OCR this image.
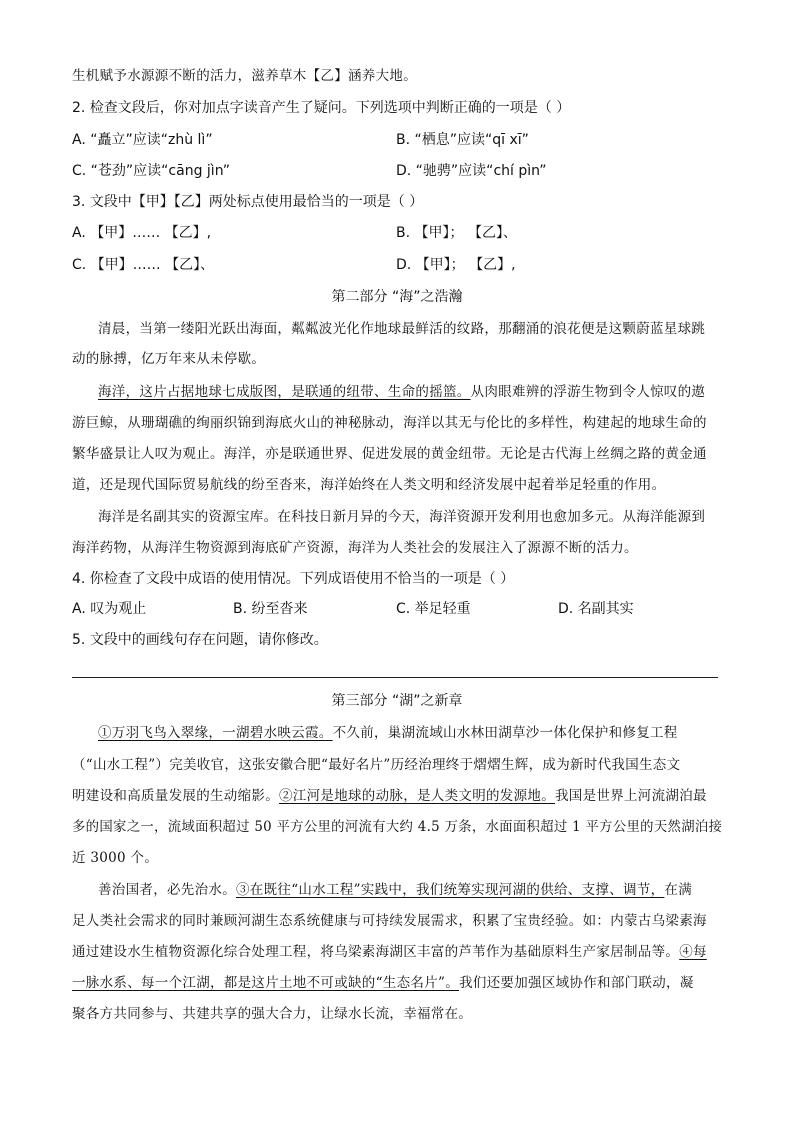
生机赋予水源源不断的活力，滋养草木【乙】涵养大地。
2. 检查文段后，你对加点字读音产生了疑问。下列选项中判断正确的一项是（ ）
A. “矗立”应读“zhù lì”	B. “栖息”应读“qī xī”
C. “苍劲”应读“cāng jìn”	D. “驰骋”应读“chí pìn”
3. 文段中【甲】【乙】两处标点使用最恰当的一项是（ ）
A. 【甲】…… 【乙】,	B. 【甲】； 【乙】、
C. 【甲】…… 【乙】、	D. 【甲】； 【乙】,
第二部分 “海”之浩瀚
清晨，当第一缕阳光跃出海面，粼粼波光化作地球最鲜活的纹路，那翻涌的浪花便是这颗蔚蓝星球跳
动的脉搏，亿万年来从未停歇。
海洋，这片占据地球七成版图，是联通的纽带、生命的摇篮。从肉眼难辨的浮游生物到令人惊叹的遨
游巨鲸，从珊瑚礁的绚丽织锦到海底火山的神秘脉动，海洋以其无与伦比的多样性，构建起的地球生命的
繁华盛景让人叹为观止。海洋，亦是联通世界、促进发展的黄金纽带。无论是古代海上丝绸之路的黄金通
道，还是现代国际贸易航线的纷至沓来，海洋始终在人类文明和经济发展中起着举足轻重的作用。
海洋是名副其实的资源宝库。在科技日新月异的今天，海洋资源开发利用也愈加多元。从海洋能源到
海洋药物，从海洋生物资源到海底矿产资源，海洋为人类社会的发展注入了源源不断的活力。
4. 你检查了文段中成语的使用情况。下列成语使用不恰当的一项是（ ）
A. 叹为观止	B. 纷至沓来	C. 举足轻重	D. 名副其实
5. 文段中的画线句存在问题，请你修改。
第三部分 “湖”之新章
①万羽飞鸟入翠缘，一湖碧水映云霞。不久前，巢湖流域山水林田湖草沙一体化保护和修复工程
（“山水工程”）完美收官，这张安徽合肥“最好名片”历经治理终于熠熠生辉，成为新时代我国生态文
明建设和高质量发展的生动缩影。②江河是地球的动脉，是人类文明的发源地。我国是世界上河流湖泊最
多的国家之一，流域面积超过 50 平方公里的河流有大约 4.5 万条，水面面积超过 1 平方公里的天然湖泊接
近 3000 个。
善治国者，必先治水。③在既往“山水工程”实践中，我们统筹实现河湖的供给、支撑、调节，在满
足人类社会需求的同时兼顾河湖生态系统健康与可持续发展需求，积累了宝贵经验。如：内蒙古乌梁素海
通过建设水生植物资源化综合处理工程，将乌梁素海湖区丰富的芦苇作为基础原料生产家居制品等。④每
一脉水系、每一个江湖，都是这片土地不可或缺的“生态名片”。我们还要加强区域协作和部门联动，凝
聚各方共同参与、共建共享的强大合力，让绿水长流，幸福常在。
